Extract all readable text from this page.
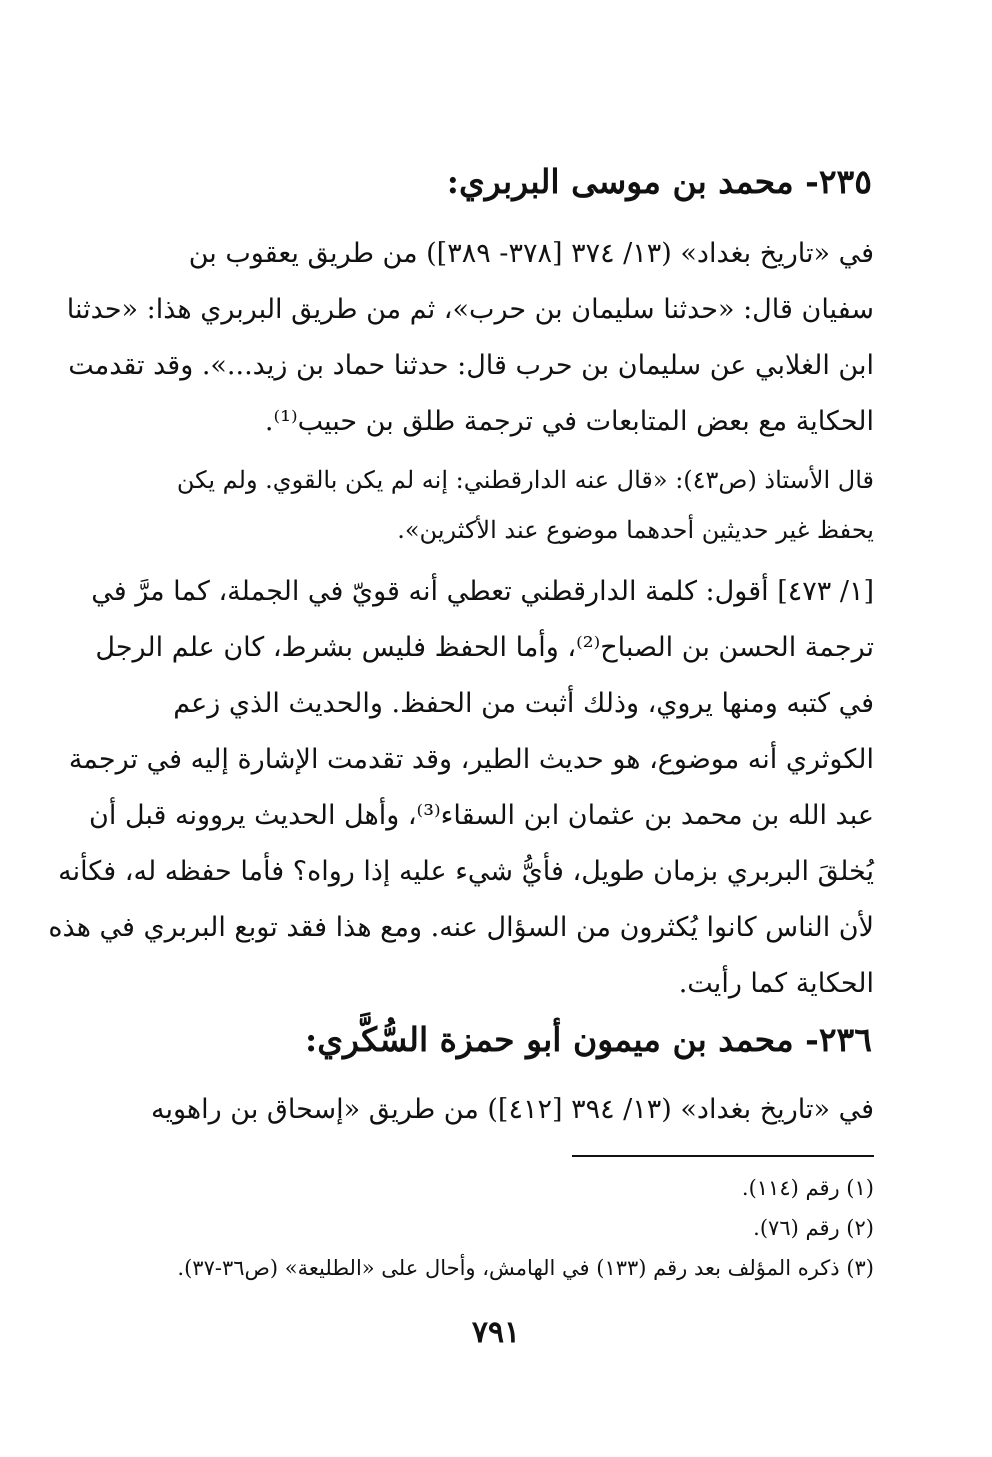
٢٣٥- محمد بن موسى البربري:
في «تاريخ بغداد» (١٣/ ٣٧٤ [٣٧٨- ٣٨٩]) من طريق يعقوب بن
سفيان قال: «حدثنا سليمان بن حرب»، ثم من طريق البربري هذا: «حدثنا
ابن الغلابي عن سليمان بن حرب قال: حدثنا حماد بن زيد...». وقد تقدمت
الحكاية مع بعض المتابعات في ترجمة طلق بن حبيب⁽¹⁾.
قال الأستاذ (ص٤٣): «قال عنه الدارقطني: إنه لم يكن بالقوي. ولم يكن
يحفظ غير حديثين أحدهما موضوع عند الأكثرين».
[١/ ٤٧٣] أقول: كلمة الدارقطني تعطي أنه قويّ في الجملة، كما مرَّ في
ترجمة الحسن بن الصباح⁽²⁾، وأما الحفظ فليس بشرط، كان علم الرجل
في كتبه ومنها يروي، وذلك أثبت من الحفظ. والحديث الذي زعم
الكوثري أنه موضوع، هو حديث الطير، وقد تقدمت الإشارة إليه في ترجمة
عبد الله بن محمد بن عثمان ابن السقاء⁽³⁾، وأهل الحديث يروونه قبل أن
يُخلقَ البربري بزمان طويل، فأيُّ شيء عليه إذا رواه؟ فأما حفظه له، فكأنه
لأن الناس كانوا يُكثرون من السؤال عنه. ومع هذا فقد توبع البربري في هذه
الحكاية كما رأيت.
٢٣٦- محمد بن ميمون أبو حمزة السُّكَّري:
في «تاريخ بغداد» (١٣/ ٣٩٤ [٤١٢]) من طريق «إسحاق بن راهويه
(١) رقم (١١٤).
(٢) رقم (٧٦).
(٣) ذكره المؤلف بعد رقم (١٣٣) في الهامش، وأحال على «الطليعة» (ص٣٦-٣٧).
٧٩١
